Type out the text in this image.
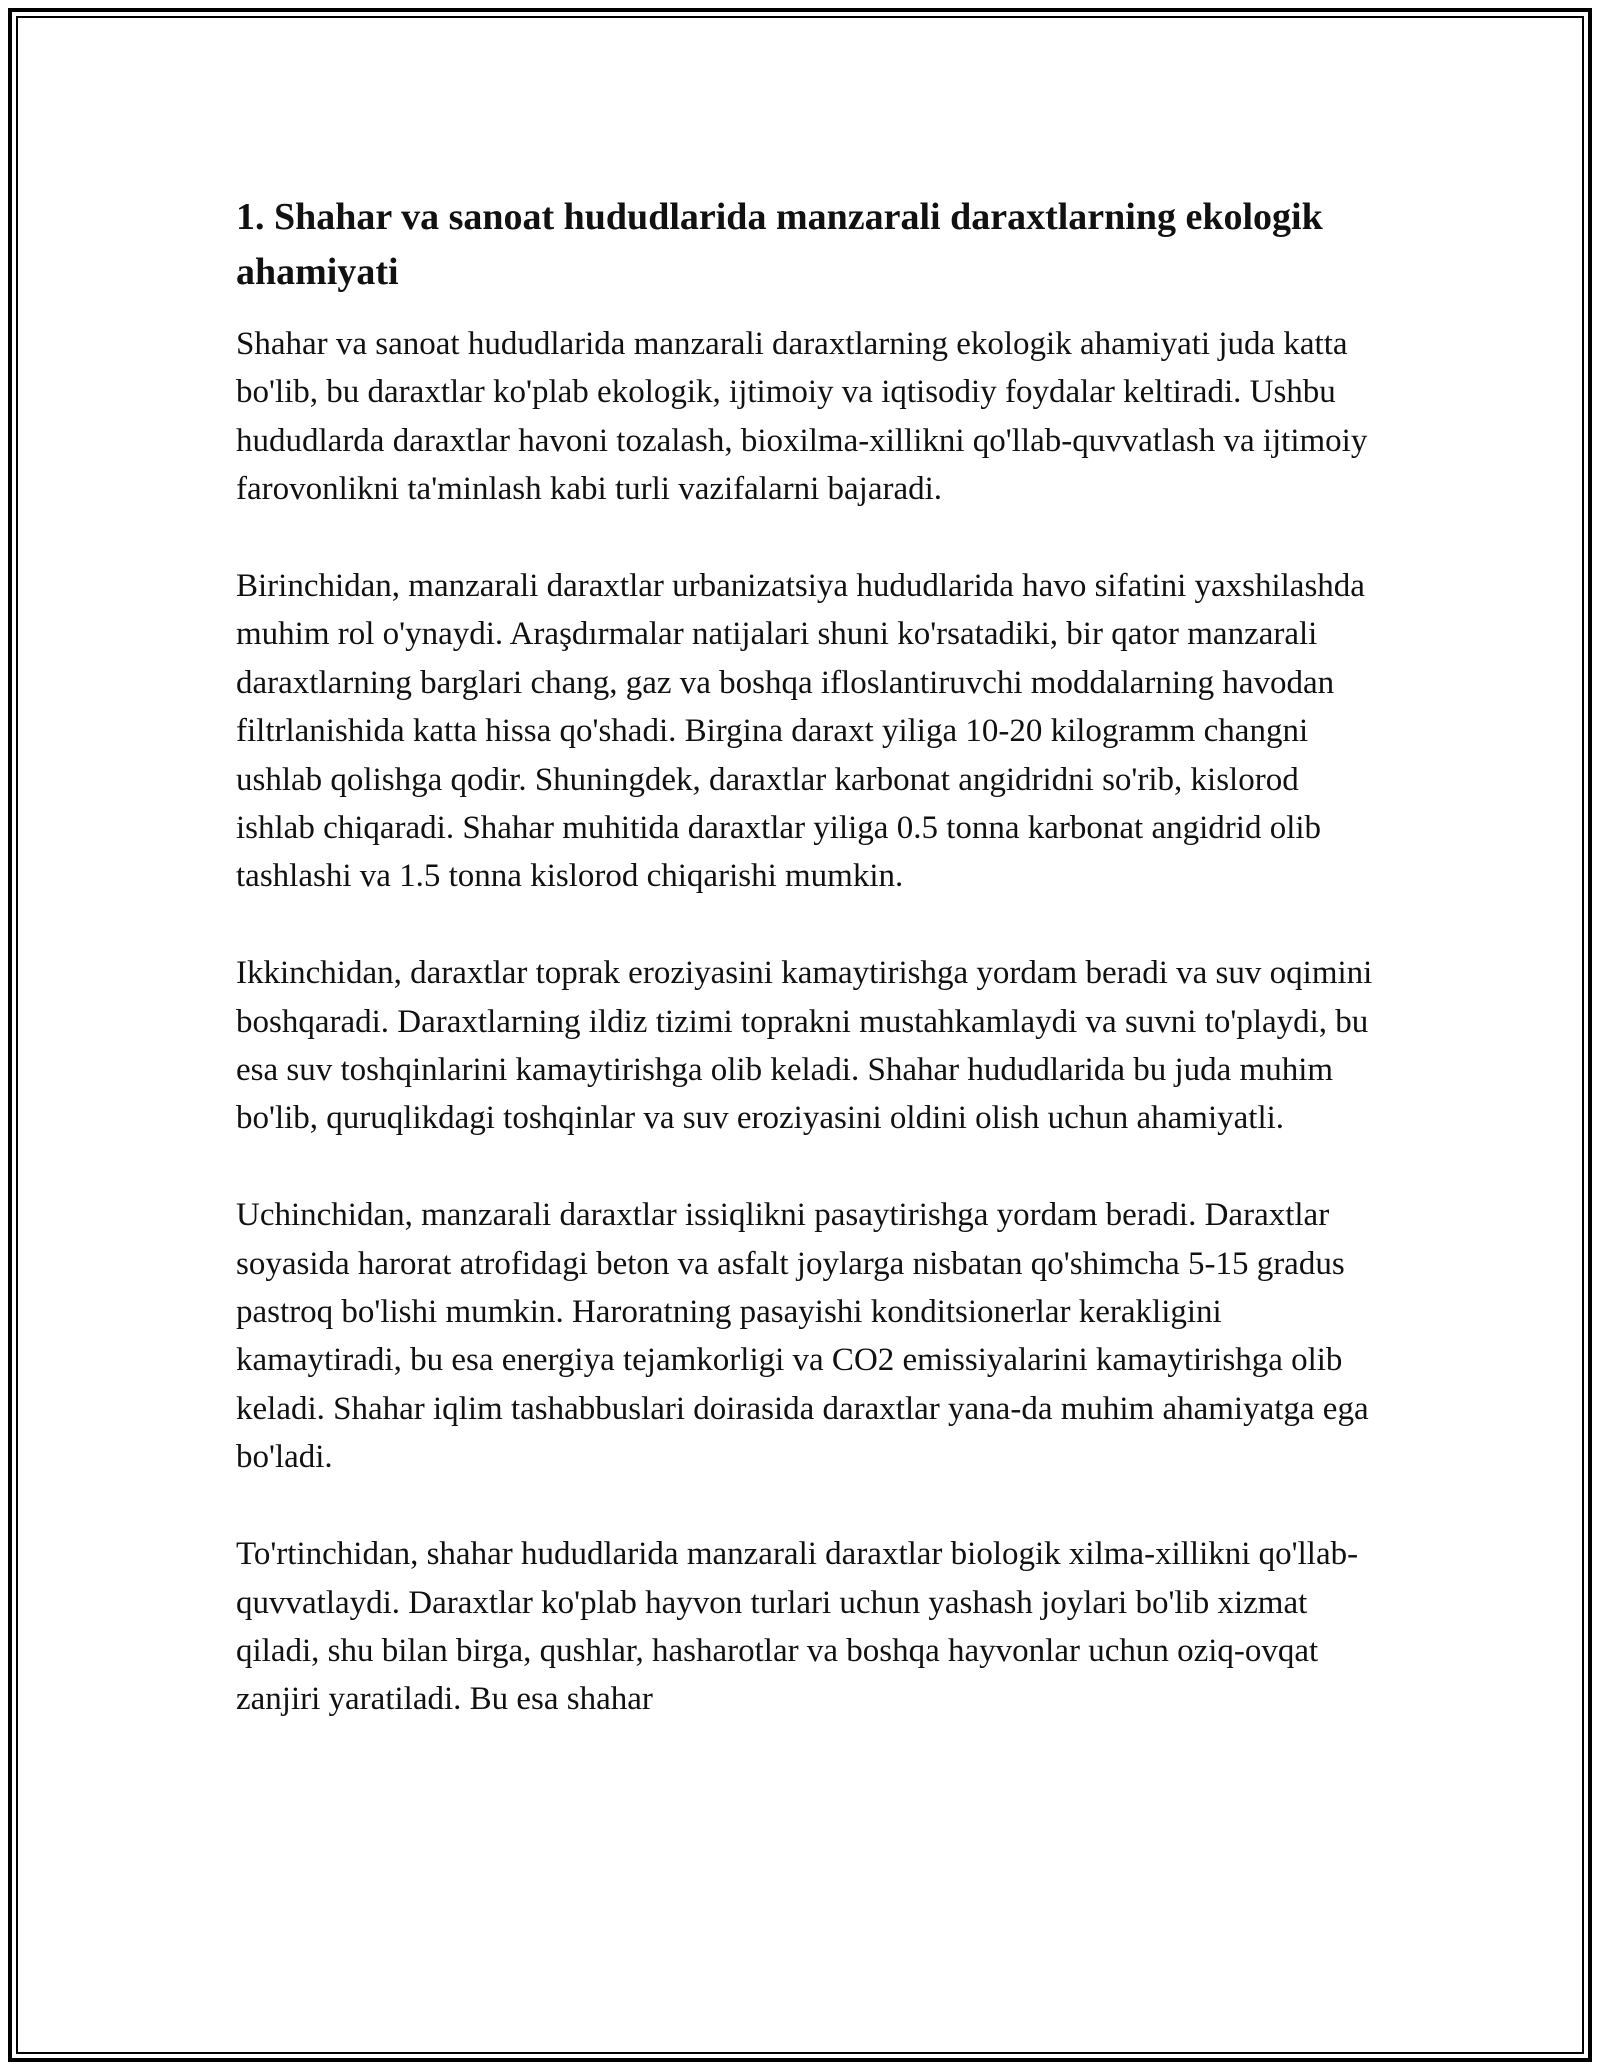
1. Shahar va sanoat hududlarida manzarali daraxtlarning ekologik ahamiyati

Shahar va sanoat hududlarida manzarali daraxtlarning ekologik ahamiyati juda katta bo'lib, bu daraxtlar ko'plab ekologik, ijtimoiy va iqtisodiy foydalar keltiradi. Ushbu hududlarda daraxtlar havoni tozalash, bioxilma-xillikni qo'llab-quvvatlash va ijtimoiy farovonlikni ta'minlash kabi turli vazifalarni bajaradi.

Birinchidan, manzarali daraxtlar urbanizatsiya hududlarida havo sifatini yaxshilashda muhim rol o'ynaydi. Araşdırmalar natijalari shuni ko'rsatadiki, bir qator manzarali daraxtlarning barglari chang, gaz va boshqa ifloslantiruvchi moddalarning havodan filtrlanishida katta hissa qo'shadi. Birgina daraxt yiliga 10-20 kilogramm changni ushlab qolishga qodir. Shuningdek, daraxtlar karbonat angidridni so'rib, kislorod ishlab chiqaradi. Shahar muhitida daraxtlar yiliga 0.5 tonna karbonat angidrid olib tashlashi va 1.5 tonna kislorod chiqarishi mumkin.

Ikkinchidan, daraxtlar toprak eroziyasini kamaytirishga yordam beradi va suv oqimini boshqaradi. Daraxtlarning ildiz tizimi toprakni mustahkamlaydi va suvni to'playdi, bu esa suv toshqinlarini kamaytirishga olib keladi. Shahar hududlarida bu juda muhim bo'lib, quruqlikdagi toshqinlar va suv eroziyasini oldini olish uchun ahamiyatli.

Uchinchidan, manzarali daraxtlar issiqlikni pasaytirishga yordam beradi. Daraxtlar soyasida harorat atrofidagi beton va asfalt joylarga nisbatan qo'shimcha 5-15 gradus pastroq bo'lishi mumkin. Haroratning pasayishi konditsionerlar kerakligini kamaytiradi, bu esa energiya tejamkorligi va CO2 emissiyalarini kamaytirishga olib keladi. Shahar iqlim tashabbuslari doirasida daraxtlar yana-da muhim ahamiyatga ega bo'ladi.

To'rtinchidan, shahar hududlarida manzarali daraxtlar biologik xilma-xillikni qo'llab-quvvatlaydi. Daraxtlar ko'plab hayvon turlari uchun yashash joylari bo'lib xizmat qiladi, shu bilan birga, qushlar, hasharotlar va boshqa hayvonlar uchun oziq-ovqat zanjiri yaratiladi. Bu esa shahar
